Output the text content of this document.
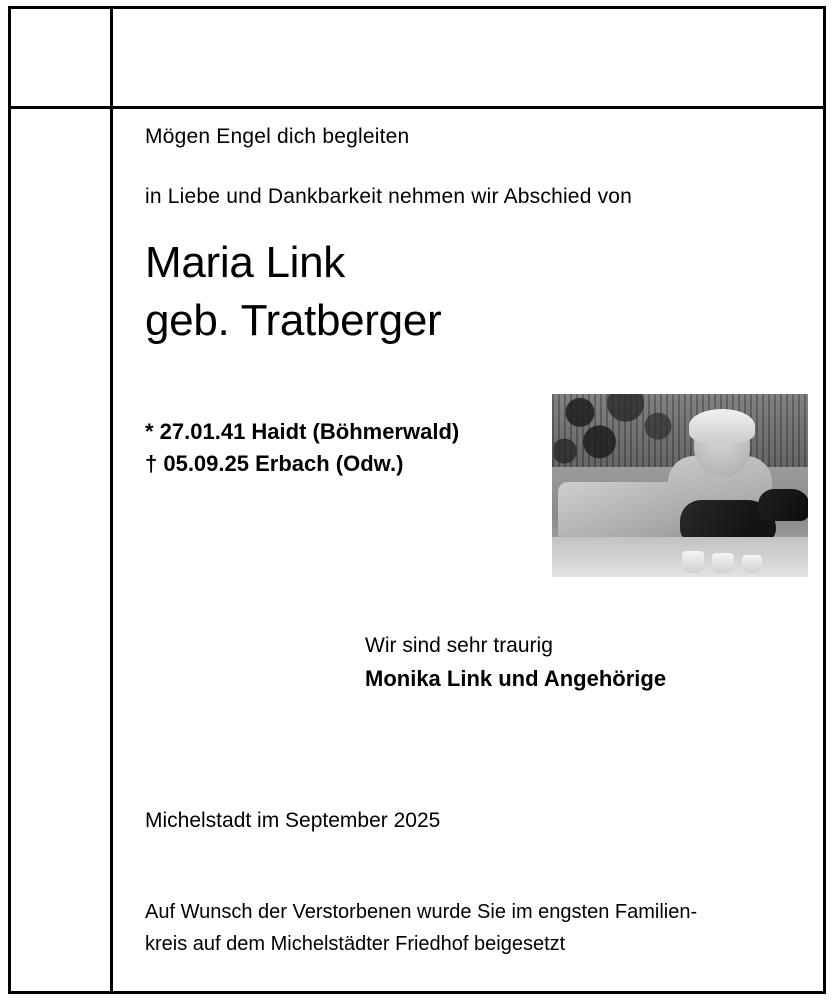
Mögen Engel dich begleiten
in Liebe und Dankbarkeit nehmen wir Abschied von
Maria Link
geb. Tratberger
* 27.01.41 Haidt (Böhmerwald)
† 05.09.25 Erbach (Odw.)
Wir sind sehr traurig
Monika Link und Angehörige
Michelstadt im September 2025
Auf Wunsch der Verstorbenen wurde Sie im engsten Familien-
kreis auf dem Michelstädter Friedhof beigesetzt
